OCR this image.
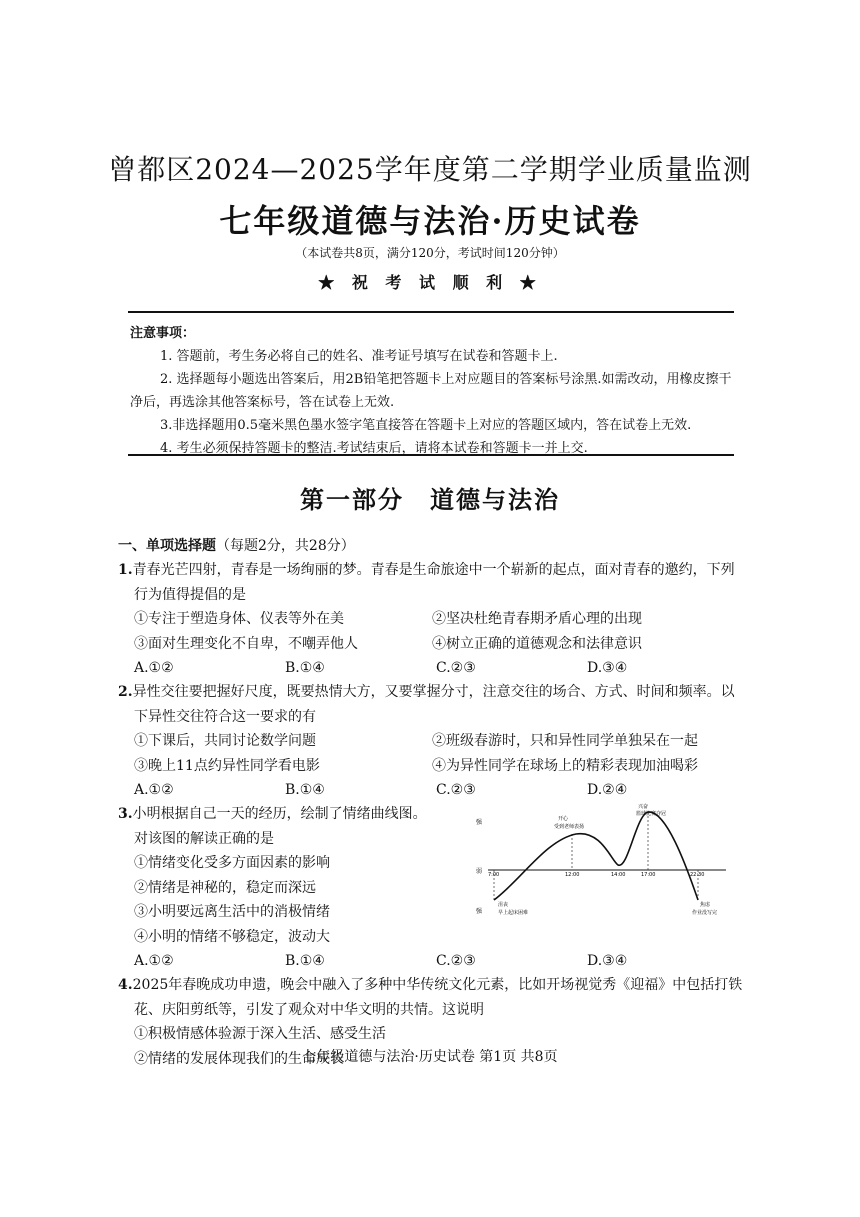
曾都区2024—2025学年度第二学期学业质量监测
七年级道德与法治·历史试卷
（本试卷共8页，满分120分，考试时间120分钟）
★ 祝 考 试 顺 利 ★
注意事项：
1. 答题前，考生务必将自己的姓名、准考证号填写在试卷和答题卡上.
2. 选择题每小题选出答案后，用2B铅笔把答题卡上对应题目的答案标号涂黑.如需改动，用橡皮擦干净后，再选涂其他答案标号，答在试卷上无效.
3.非选择题用0.5毫米黑色墨水签字笔直接答在答题卡上对应的答题区域内，答在试卷上无效.
4. 考生必须保持答题卡的整洁.考试结束后，请将本试卷和答题卡一并上交.
第一部分　道德与法治
一、单项选择题（每题2分，共28分）
1.青春光芒四射，青春是一场绚丽的梦。青春是生命旅途中一个崭新的起点，面对青春的邀约，下列行为值得提倡的是
①专注于塑造身体、仪表等外在美	②坚决杜绝青春期矛盾心理的出现
③面对生理变化不自卑，不嘲弄他人	④树立正确的道德观念和法律意识
A.①②	B.①④	C.②③	D.③④
2.异性交往要把握好尺度，既要热情大方，又要掌握分寸，注意交往的场合、方式、时间和频率。以下异性交往符合这一要求的有
①下课后，共同讨论数学问题	②班级春游时，只和异性同学单独呆在一起
③晚上11点约异性同学看电影	④为异性同学在球场上的精彩表现加油喝彩
A.①②	B.①④	C.②③	D.②④
3.小明根据自己一天的经历，绘制了情绪曲线图。
对该图的解读正确的是
①情绪变化受多方面因素的影响
②情绪是神秘的，稳定而深远
③小明要远离生活中的消极情绪
④小明的情绪不够稳定，波动大
强
弱
强
7:00	12:00	14:00	17:00	22:30
沮丧
早上起床困难
开心
受到老师表扬
兴奋
篮球比赛夺冠
焦虑
作业没写完
A.①②	B.①④	C.②③	D.③④
4.2025年春晚成功申遗，晚会中融入了多种中华传统文化元素，比如开场视觉秀《迎福》中包括打铁花、庆阳剪纸等，引发了观众对中华文明的共情。这说明
①积极情感体验源于深入生活、感受生活
②情绪的发展体现我们的生命成长
七年级道德与法治·历史试卷 第1页 共8页
